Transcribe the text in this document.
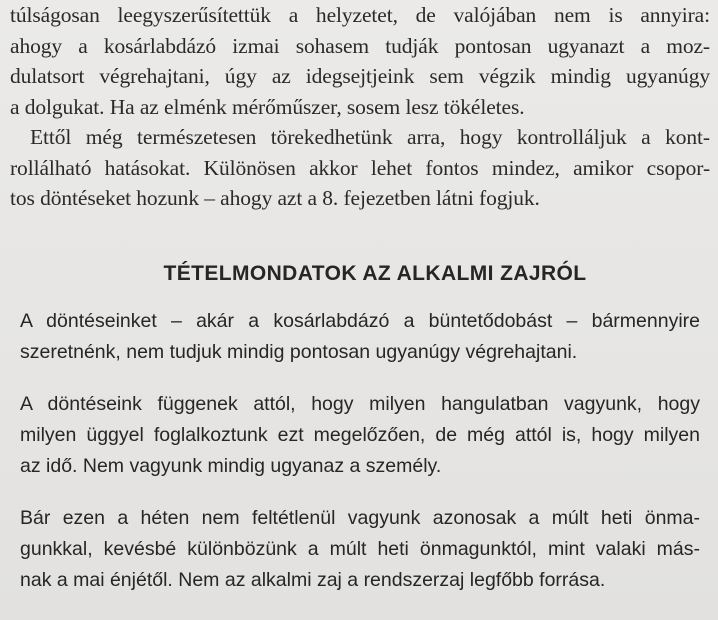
túlságosan leegyszerűsítettük a helyzetet, de valójában nem is annyira:

ahogy a kosárlabdázó izmai sohasem tudják pontosan ugyanazt a moz-

dulatsort végrehajtani, úgy az idegsejtjeink sem végzik mindig ugyanúgy

a dolgukat. Ha az elménk mérőműszer, sosem lesz tökéletes.

Ettől még természetesen törekedhetünk arra, hogy kontrolláljuk a kont-

rollálható hatásokat. Különösen akkor lehet fontos mindez, amikor csopor-

tos döntéseket hozunk – ahogy azt a 8. fejezetben látni fogjuk.

TÉTELMONDATOK AZ ALKALMI ZAJRÓL

A döntéseinket – akár a kosárlabdázó a büntetődobást – bármennyire

szeretnénk, nem tudjuk mindig pontosan ugyanúgy végrehajtani.

A döntéseink függenek attól, hogy milyen hangulatban vagyunk, hogy

milyen üggyel foglalkoztunk ezt megelőzően, de még attól is, hogy milyen

az idő. Nem vagyunk mindig ugyanaz a személy.

Bár ezen a héten nem feltétlenül vagyunk azonosak a múlt heti önma-

gunkkal, kevésbé különbözünk a múlt heti önmagunktól, mint valaki más-

nak a mai énjétől. Nem az alkalmi zaj a rendszerzaj legfőbb forrása.
